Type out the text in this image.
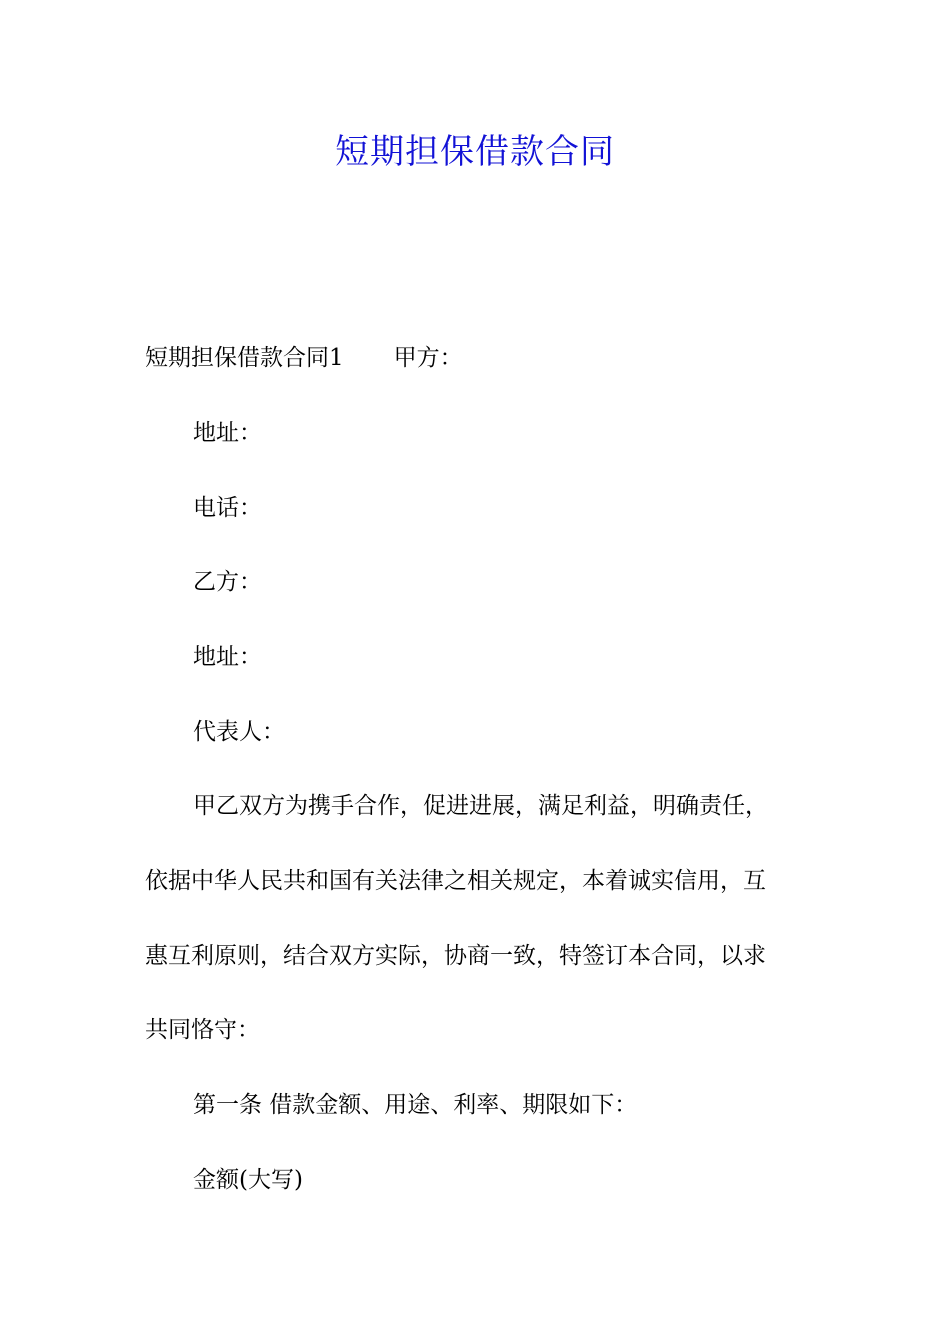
短期担保借款合同
短期担保借款合同1 甲方：
地址：
电话：
乙方：
地址：
代表人：
甲乙双方为携手合作，促进进展，满足利益，明确责任，
依据中华人民共和国有关法律之相关规定，本着诚实信用，互
惠互利原则，结合双方实际，协商一致，特签订本合同，以求
共同恪守：
第一条 借款金额、用途、利率、期限如下：
金额(大写)
